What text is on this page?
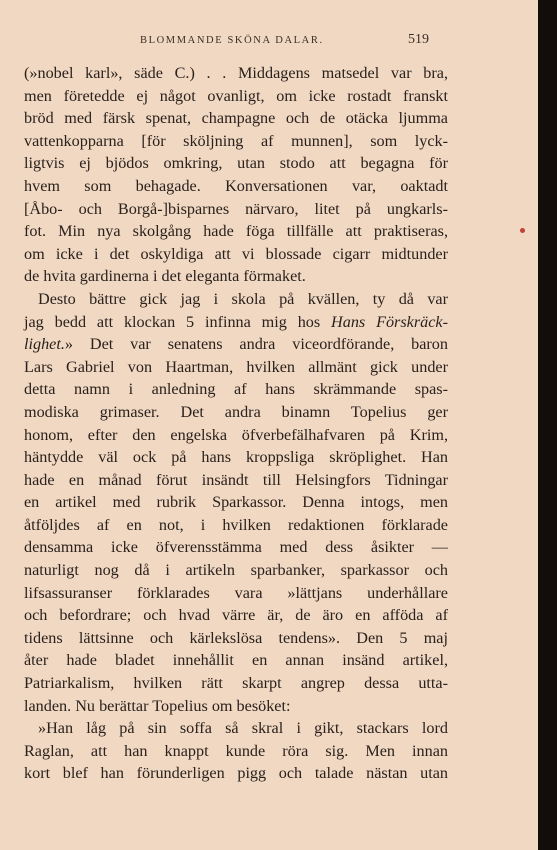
BLOMMANDE SKÖNA DALAR.	519
(»nobel karl», säde C.) . . Middagens matsedel var bra,
men företedde ej något ovanligt, om icke rostadt franskt
bröd med färsk spenat, champagne och de otäcka ljumma
vattenkopparna [för sköljning af munnen], som lyck-
ligtvis ej bjödos omkring, utan stodo att begagna för
hvem som behagade. Konversationen var, oaktadt
[Åbo- och Borgå-]bisparnes närvaro, litet på ungkarls-
fot. Min nya skolgång hade föga tillfälle att praktiseras,
om icke i det oskyldiga att vi blossade cigarr midtunder
de hvita gardinerna i det eleganta förmaket.
Desto bättre gick jag i skola på kvällen, ty då var
jag bedd att klockan 5 infinna mig hos Hans Förskräck-
lighet.» Det var senatens andra viceordförande, baron
Lars Gabriel von Haartman, hvilken allmänt gick under
detta namn i anledning af hans skrämmande spas-
modiska grimaser. Det andra binamn Topelius ger
honom, efter den engelska öfverbefälhafvaren på Krim,
häntydde väl ock på hans kroppsliga skröplighet. Han
hade en månad förut insändt till Helsingfors Tidningar
en artikel med rubrik Sparkassor. Denna intogs, men
åtföljdes af en not, i hvilken redaktionen förklarade
densamma icke öfverensstämma med dess åsikter —
naturligt nog då i artikeln sparbanker, sparkassor och
lifsassuranser förklarades vara »lättjans underhållare
och befordrare; och hvad värre är, de äro en afföda af
tidens lättsinne och kärlekslösa tendens». Den 5 maj
åter hade bladet innehållit en annan insänd artikel,
Patriarkalism, hvilken rätt skarpt angrep dessa utta-
landen. Nu berättar Topelius om besöket:
»Han låg på sin soffa så skral i gikt, stackars lord
Raglan, att han knappt kunde röra sig. Men innan
kort blef han förunderligen pigg och talade nästan utan
